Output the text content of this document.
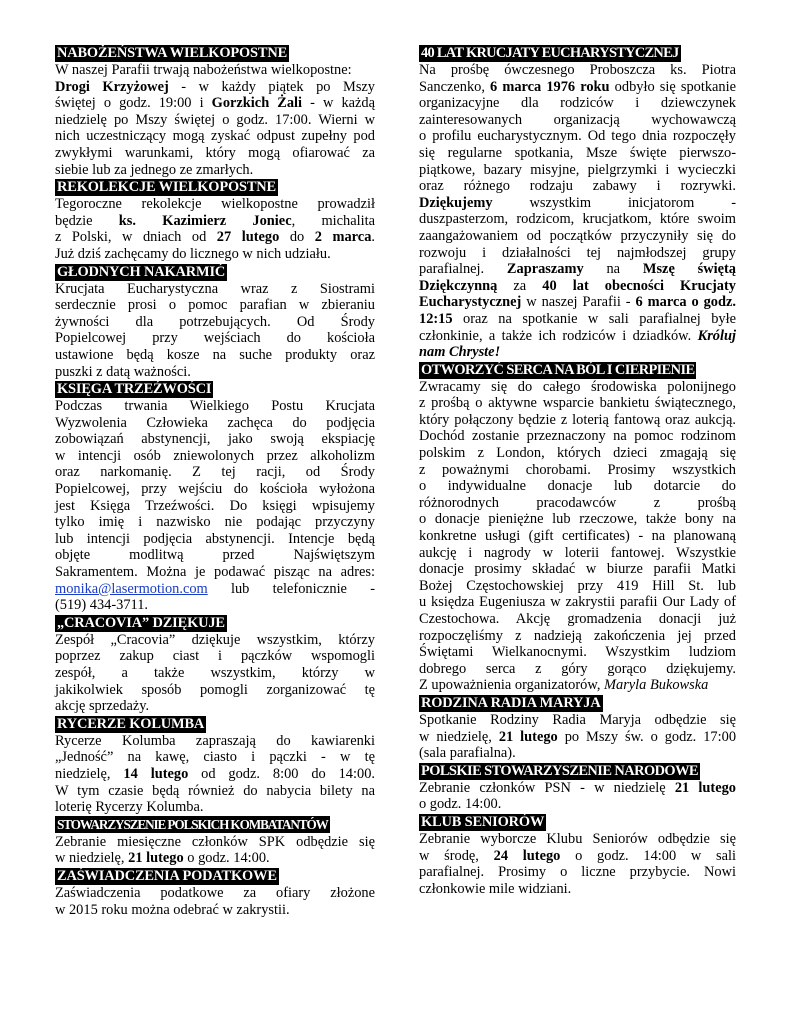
NABOŻEŃSTWA WIELKOPOSTNE
W naszej Parafii trwają nabożeństwa wielkopostne:
Drogi Krzyżowej - w każdy piątek po Mszy
świętej o godz. 19:00 i Gorzkich Żali - w każdą
niedzielę po Mszy świętej o godz. 17:00. Wierni w
nich uczestniczący mogą zyskać odpust zupełny pod
zwykłymi warunkami, który mogą ofiarować za
siebie lub za jednego ze zmarłych.
REKOLEKCJE WIELKOPOSTNE
Tegoroczne rekolekcje wielkopostne prowadził
będzie ks. Kazimierz Joniec, michalita
z Polski, w dniach od 27 lutego do 2 marca.
Już dziś zachęcamy do licznego w nich udziału.
GŁODNYCH NAKARMIĆ
Krucjata Eucharystyczna wraz z Siostrami
serdecznie prosi o pomoc parafian w zbieraniu
żywności dla potrzebujących. Od Środy
Popielcowej przy wejściach do kościoła
ustawione będą kosze na suche produkty oraz
puszki z datą ważności.
KSIĘGA TRZEŹWOŚCI
Podczas trwania Wielkiego Postu Krucjata
Wyzwolenia Człowieka zachęca do podjęcia
zobowiązań abstynencji, jako swoją ekspiację
w intencji osób zniewolonych przez alkoholizm
oraz narkomanię. Z tej racji, od Środy
Popielcowej, przy wejściu do kościoła wyłożona
jest Księga Trzeźwości. Do księgi wpisujemy
tylko imię i nazwisko nie podając przyczyny
lub intencji podjęcia abstynencji. Intencje będą
objęte modlitwą przed Najświętszym
Sakramentem. Można je podawać pisząc na adres:
monika@lasermotion.com lub telefonicznie -
(519) 434-3711.
„CRACOVIA” DZIĘKUJE
Zespół „Cracovia” dziękuje wszystkim, którzy
poprzez zakup ciast i pączków wspomogli
zespół, a także wszystkim, którzy w
jakikolwiek sposób pomogli zorganizować tę
akcję sprzedaży.
RYCERZE KOLUMBA
Rycerze Kolumba zapraszają do kawiarenki
„Jedność” na kawę, ciasto i pączki - w tę
niedzielę, 14 lutego od godz. 8:00 do 14:00.
W tym czasie będą również do nabycia bilety na
loterię Rycerzy Kolumba.
STOWARZYSZENIE POLSKICH KOMBATANTÓW
Zebranie miesięczne członków SPK odbędzie się
w niedzielę, 21 lutego o godz. 14:00.
ZAŚWIADCZENIA PODATKOWE
Zaświadczenia podatkowe za ofiary złożone
w 2015 roku można odebrać w zakrystii.
40 LAT KRUCJATY EUCHARYSTYCZNEJ
Na prośbę ówczesnego Proboszcza ks. Piotra
Sanczenko, 6 marca 1976 roku odbyło się spotkanie
organizacyjne dla rodziców i dziewczynek
zainteresowanych organizacją wychowawczą
o profilu eucharystycznym. Od tego dnia rozpoczęły
się regularne spotkania, Msze święte pierwszo-
piątkowe, bazary misyjne, pielgrzymki i wycieczki
oraz różnego rodzaju zabawy i rozrywki.
Dziękujemy wszystkim inicjatorom -
duszpasterzom, rodzicom, krucjatkom, które swoim
zaangażowaniem od początków przyczyniły się do
rozwoju i działalności tej najmłodszej grupy
parafialnej. Zapraszamy na Mszę świętą
Dziękczynną za 40 lat obecności Krucjaty
Eucharystycznej w naszej Parafii - 6 marca o godz.
12:15 oraz na spotkanie w sali parafialnej byłe
członkinie, a także ich rodziców i dziadków. Króluj
nam Chryste!
OTWORZYĆ SERCA NA BÓL I CIERPIENIE
Zwracamy się do całego środowiska polonijnego
z prośbą o aktywne wsparcie bankietu świątecznego,
który połączony będzie z loterią fantową oraz aukcją.
Dochód zostanie przeznaczony na pomoc rodzinom
polskim z London, których dzieci zmagają się
z poważnymi chorobami. Prosimy wszystkich
o indywidualne donacje lub dotarcie do
różnorodnych pracodawców z prośbą
o donacje pieniężne lub rzeczowe, także bony na
konkretne usługi (gift certificates) - na planowaną
aukcję i nagrody w loterii fantowej. Wszystkie
donacje prosimy składać w biurze parafii Matki
Bożej Częstochowskiej przy 419 Hill St. lub
u księdza Eugeniusza w zakrystii parafii Our Lady of
Czestochowa. Akcję gromadzenia donacji już
rozpoczęliśmy z nadzieją zakończenia jej przed
Świętami Wielkanocnymi. Wszystkim ludziom
dobrego serca z góry gorąco dziękujemy.
Z upoważnienia organizatorów, Maryla Bukowska
RODZINA RADIA MARYJA
Spotkanie Rodziny Radia Maryja odbędzie się
w niedzielę, 21 lutego po Mszy św. o godz. 17:00
(sala parafialna).
POLSKIE STOWARZYSZENIE NARODOWE
Zebranie członków PSN - w niedzielę 21 lutego
o godz. 14:00.
KLUB SENIORÓW
Zebranie wyborcze Klubu Seniorów odbędzie się
w środę, 24 lutego o godz. 14:00 w sali
parafialnej. Prosimy o liczne przybycie. Nowi
członkowie mile widziani.
